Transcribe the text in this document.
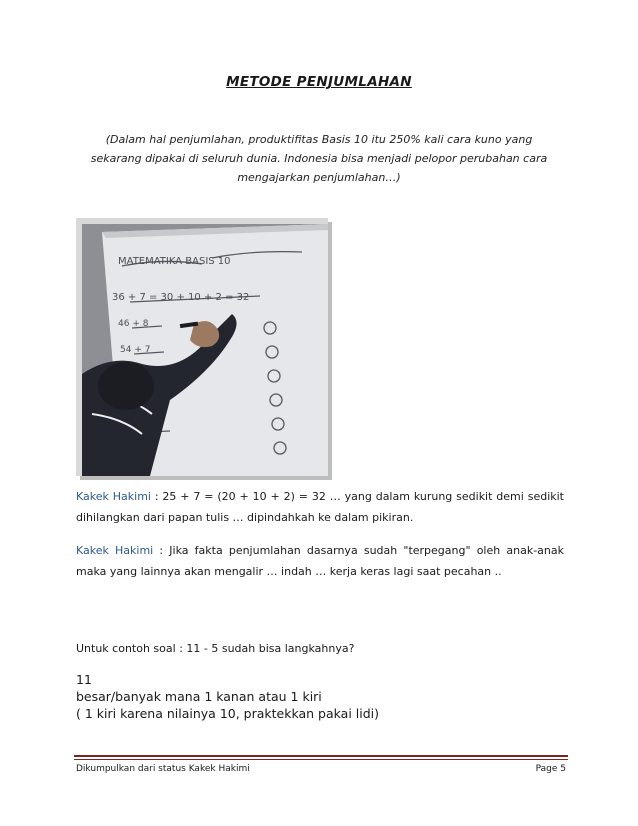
METODE PENJUMLAHAN
(Dalam hal penjumlahan, produktifitas Basis 10 itu 250% kali cara kuno yang sekarang dipakai di seluruh dunia. Indonesia bisa menjadi pelopor perubahan cara mengajarkan penjumlahan…)
MATEMATIKA BASIS 10
36 + 7 = 30 + 10 + 2 = 32
46 + 8
54 + 7
Kakek Hakimi : 25 + 7 = (20 + 10 + 2) = 32 … yang dalam kurung sedikit demi sedikit dihilangkan dari papan tulis … dipindahkah ke dalam pikiran.
Kakek Hakimi : Jika fakta penjumlahan dasarnya sudah "terpegang" oleh anak-anak maka yang lainnya akan mengalir … indah … kerja keras lagi saat pecahan ..
Untuk contoh soal : 11 - 5 sudah bisa langkahnya?
11
besar/banyak mana 1 kanan atau 1 kiri
( 1 kiri karena nilainya 10, praktekkan pakai lidi)
Dikumpulkan dari status Kakek Hakimi	Page 5
